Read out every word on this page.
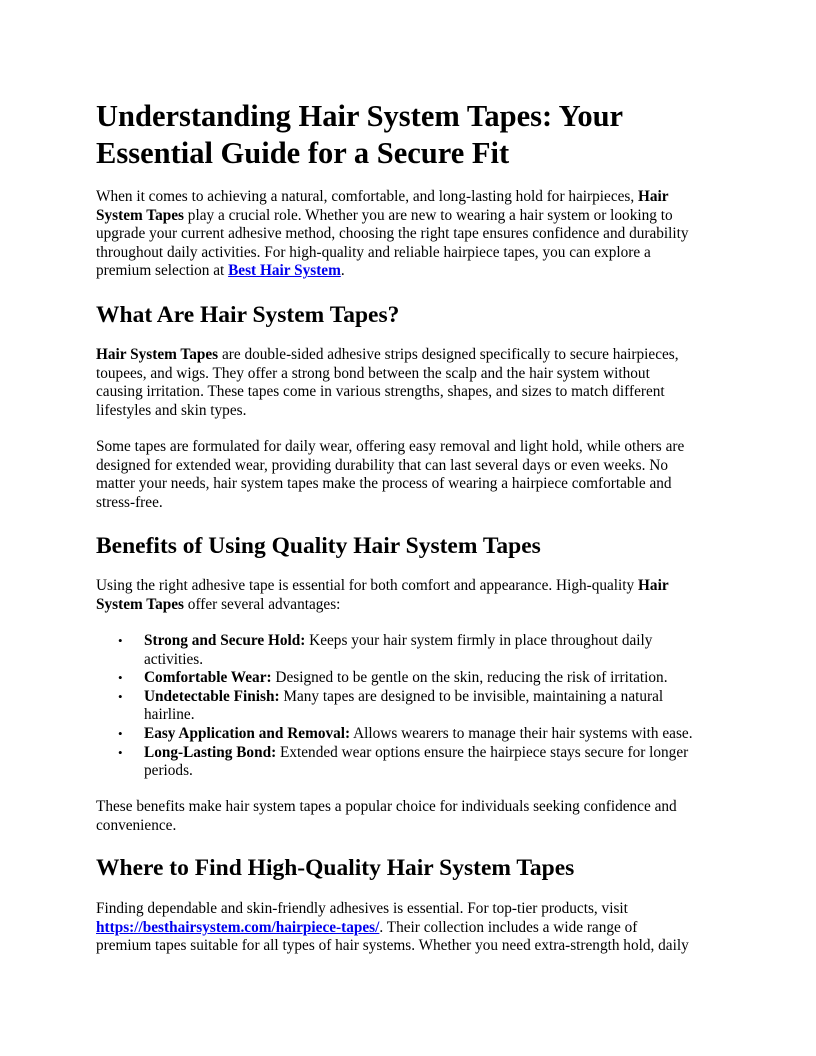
Understanding Hair System Tapes: Your
Essential Guide for a Secure Fit

When it comes to achieving a natural, comfortable, and long-lasting hold for hairpieces, Hair
System Tapes play a crucial role. Whether you are new to wearing a hair system or looking to
upgrade your current adhesive method, choosing the right tape ensures confidence and durability
throughout daily activities. For high-quality and reliable hairpiece tapes, you can explore a
premium selection at Best Hair System.

What Are Hair System Tapes?

Hair System Tapes are double-sided adhesive strips designed specifically to secure hairpieces,
toupees, and wigs. They offer a strong bond between the scalp and the hair system without
causing irritation. These tapes come in various strengths, shapes, and sizes to match different
lifestyles and skin types.

Some tapes are formulated for daily wear, offering easy removal and light hold, while others are
designed for extended wear, providing durability that can last several days or even weeks. No
matter your needs, hair system tapes make the process of wearing a hairpiece comfortable and
stress-free.

Benefits of Using Quality Hair System Tapes

Using the right adhesive tape is essential for both comfort and appearance. High-quality Hair
System Tapes offer several advantages:

• Strong and Secure Hold: Keeps your hair system firmly in place throughout daily
activities.
• Comfortable Wear: Designed to be gentle on the skin, reducing the risk of irritation.
• Undetectable Finish: Many tapes are designed to be invisible, maintaining a natural
hairline.
• Easy Application and Removal: Allows wearers to manage their hair systems with ease.
• Long-Lasting Bond: Extended wear options ensure the hairpiece stays secure for longer
periods.

These benefits make hair system tapes a popular choice for individuals seeking confidence and
convenience.

Where to Find High-Quality Hair System Tapes

Finding dependable and skin-friendly adhesives is essential. For top-tier products, visit
https://besthairsystem.com/hairpiece-tapes/. Their collection includes a wide range of
premium tapes suitable for all types of hair systems. Whether you need extra-strength hold, daily
